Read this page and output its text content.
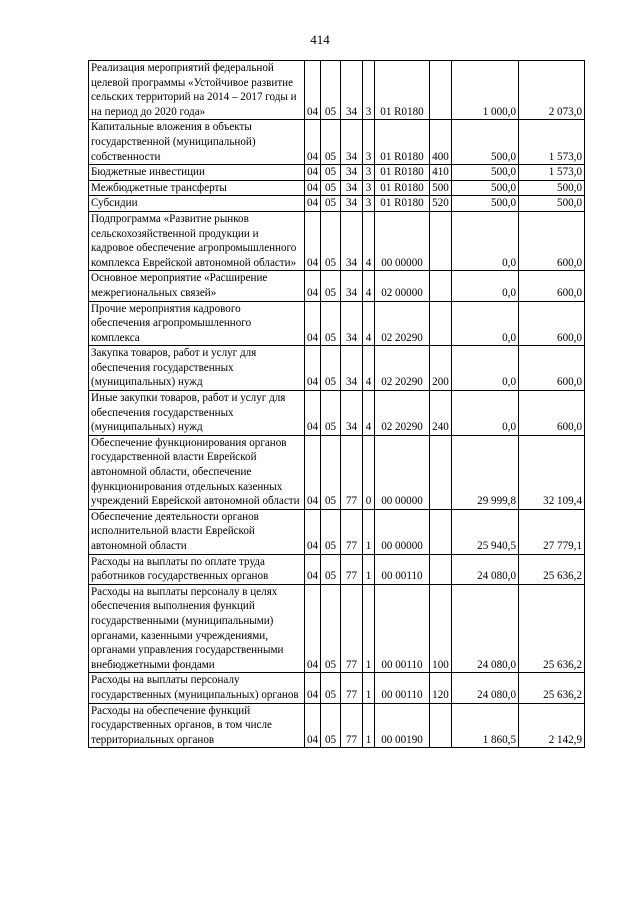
414
Реализация мероприятий федеральной целевой программы «Устойчивое развитие сельских территорий на 2014 – 2017 годы и на период до 2020 года»	04	05	34	3	01 R0180		1 000,0	2 073,0
Капитальные вложения в объекты государственной (муниципальной) собственности	04	05	34	3	01 R0180	400	500,0	1 573,0
Бюджетные инвестиции	04	05	34	3	01 R0180	410	500,0	1 573,0
Межбюджетные трансферты	04	05	34	3	01 R0180	500	500,0	500,0
Субсидии	04	05	34	3	01 R0180	520	500,0	500,0
Подпрограмма «Развитие рынков сельскохозяйственной продукции и кадровое обеспечение агропромышленного комплекса Еврейской автономной области»	04	05	34	4	00 00000		0,0	600,0
Основное мероприятие «Расширение межрегиональных связей»	04	05	34	4	02 00000		0,0	600,0
Прочие мероприятия кадрового обеспечения агропромышленного комплекса	04	05	34	4	02 20290		0,0	600,0
Закупка товаров, работ и услуг для обеспечения государственных (муниципальных) нужд	04	05	34	4	02 20290	200	0,0	600,0
Иные закупки товаров, работ и услуг для обеспечения государственных (муниципальных) нужд	04	05	34	4	02 20290	240	0,0	600,0
Обеспечение функционирования органов государственной власти Еврейской автономной области, обеспечение функционирования отдельных казенных учреждений Еврейской автономной области	04	05	77	0	00 00000		29 999,8	32 109,4
Обеспечение деятельности органов исполнительной власти Еврейской автономной области	04	05	77	1	00 00000		25 940,5	27 779,1
Расходы на выплаты по оплате труда работников государственных органов	04	05	77	1	00 00110		24 080,0	25 636,2
Расходы на выплаты персоналу в целях обеспечения выполнения функций государственными (муниципальными) органами, казенными учреждениями, органами управления государственными внебюджетными фондами	04	05	77	1	00 00110	100	24 080,0	25 636,2
Расходы на выплаты персоналу государственных (муниципальных) органов	04	05	77	1	00 00110	120	24 080,0	25 636,2
Расходы на обеспечение функций государственных органов, в том числе территориальных органов	04	05	77	1	00 00190		1 860,5	2 142,9
